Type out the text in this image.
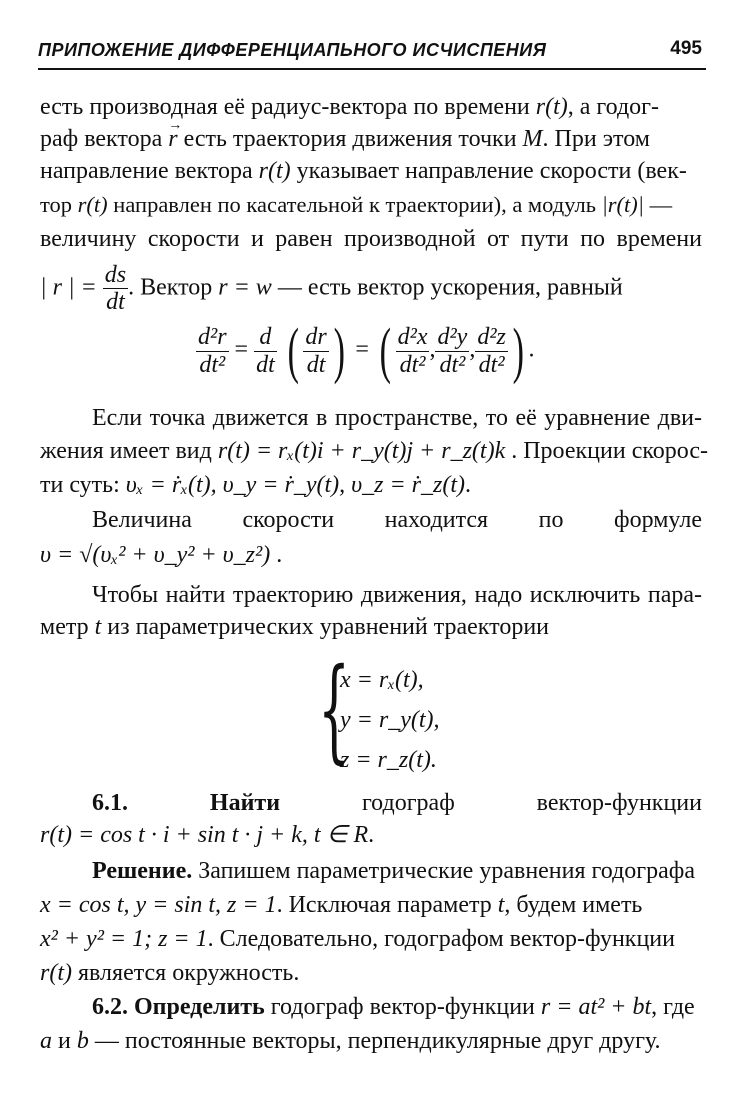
ПРИПОЖЕНИЕ ДИФФЕРЕНЦИАПЬНОГО ИСЧИСПЕНИЯ	495
есть производная её радиус-вектора по времени r(t), а годог-
раф вектора → r есть траектория движения точки M. При этом
направление вектора r(t) указывает направление скорости (век-
тор r(t) направлен по касательной к траектории), а модуль |r(t)| —
величину скорости и равен производной от пути по времени
| r | = $\frac{ds}{dt}$ . Вектор r = w — есть вектор ускорения, равный
$\frac{\text{d²r}}{\text{dt²}} = \frac{d}{dt}$ ( $\frac{dr}{dt}$ ) = ( $\frac{\text{d²x}}{\text{dt²}}$ , $\frac{\text{d²y}}{\text{dt²}}$ , $\frac{\text{d²z}}{\text{dt²}}$ ) .
Если точка движется в пространстве, то её уравнение дви-
жения имеет вид r(t) = rₓ(t)i + r_y(t)j + r_z(t)k . Проекции скорос-
ти суть: υₓ = ṙₓ(t), υ_y = ṙ_y(t), υ_z = ṙ_z(t).
Величина скорости находится по формуле
υ = √(υₓ² + υ_y² + υ_z²) .
Чтобы найти траекторию движения, надо исключить пара-
метр t из параметрических уравнений траектории
{
x = rₓ(t),
y = r_y(t),
z = r_z(t).
6.1.	Найти	годограф	вектор-функции
r(t) = cos t · i + sin t · j + k, t ∈ R.
Решение. Запишем параметрические уравнения годографа
x = cos t, y = sin t, z = 1. Исключая параметр t, будем иметь
x² + y² = 1; z = 1. Следовательно, годографом вектор-функции
r(t) является окружность.
6.2. Определить годограф вектор-функции r = at² + bt, где
a и b — постоянные векторы, перпендикулярные друг другу.
